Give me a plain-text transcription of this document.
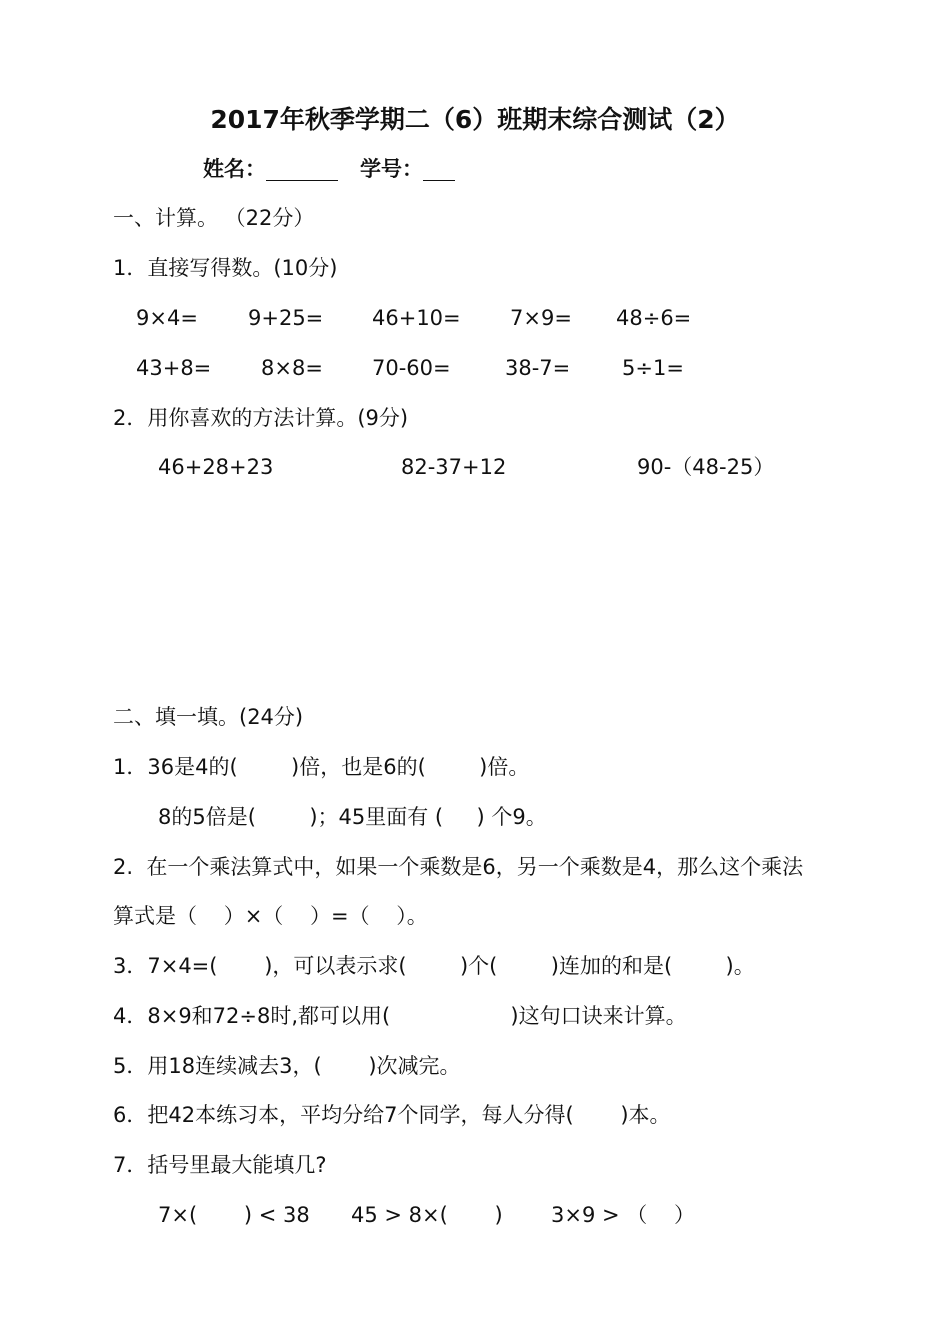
2017年秋季学期二（6）班期末综合测试（2）
姓名：	学号：
一、计算。 （22分）
1．直接写得数。(10分)
9×4= 9+25= 46+10= 7×9= 48÷6=
43+8= 8×8= 70-60=	38-7= 5÷1=
2．用你喜欢的方法计算。(9分)
46+28+23	82-37+12	90-（48-25）
二、填一填。(24分)
1．36是4的(        )倍，也是6的(        )倍。
8的5倍是(        )；45里面有 (     ) 个9。
2.  在一个乘法算式中，如果一个乘数是6，另一个乘数是4，那么这个乘法
算式是（    ）×（    ）=（    ）。
3．7×4=(       )，可以表示求(        )个(        )连加的和是(        )。
4．8×9和72÷8时,都可以用(                  )这句口诀来计算。
5．用18连续减去3，(       )次减完。
6．把42本练习本，平均分给7个同学，每人分得(       )本。
7．括号里最大能填几?
7×(       ) < 38 45 > 8×(       ) 3×9 > （    ）
